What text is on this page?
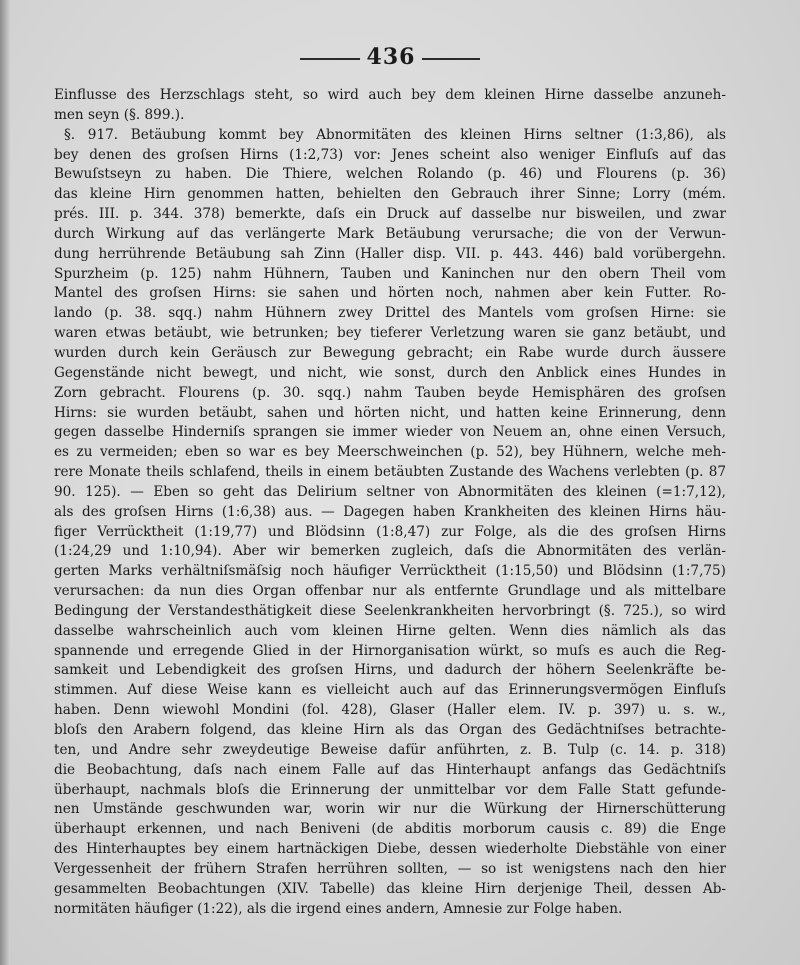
436
Einflusse des Herzschlags steht, so wird auch bey dem kleinen Hirne dasselbe anzuneh-
men seyn (§. 899.).
§. 917. Betäubung kommt bey Abnormitäten des kleinen Hirns seltner (1:3,86), als
bey denen des groſsen Hirns (1:2,73) vor: Jenes scheint also weniger Einfluſs auf das
Bewuſstseyn zu haben. Die Thiere, welchen Rolando (p. 46) und Flourens (p. 36)
das kleine Hirn genommen hatten, behielten den Gebrauch ihrer Sinne; Lorry (mém.
prés. III. p. 344. 378) bemerkte, daſs ein Druck auf dasselbe nur bisweilen, und zwar
durch Wirkung auf das verlängerte Mark Betäubung verursache; die von der Verwun-
dung herrührende Betäubung sah Zinn (Haller disp. VII. p. 443. 446) bald vorübergehn.
Spurzheim (p. 125) nahm Hühnern, Tauben und Kaninchen nur den obern Theil vom
Mantel des groſsen Hirns: sie sahen und hörten noch, nahmen aber kein Futter. Ro-
lando (p. 38. sqq.) nahm Hühnern zwey Drittel des Mantels vom groſsen Hirne: sie
waren etwas betäubt, wie betrunken; bey tieferer Verletzung waren sie ganz betäubt, und
wurden durch kein Geräusch zur Bewegung gebracht; ein Rabe wurde durch äussere
Gegenstände nicht bewegt, und nicht, wie sonst, durch den Anblick eines Hundes in
Zorn gebracht. Flourens (p. 30. sqq.) nahm Tauben beyde Hemisphären des groſsen
Hirns: sie wurden betäubt, sahen und hörten nicht, und hatten keine Erinnerung, denn
gegen dasselbe Hinderniſs sprangen sie immer wieder von Neuem an, ohne einen Versuch,
es zu vermeiden; eben so war es bey Meerschweinchen (p. 52), bey Hühnern, welche meh-
rere Monate theils schlafend, theils in einem betäubten Zustande des Wachens verlebten (p. 87
90. 125). — Eben so geht das Delirium seltner von Abnormitäten des kleinen (=1:7,12),
als des groſsen Hirns (1:6,38) aus. — Dagegen haben Krankheiten des kleinen Hirns häu-
figer Verrücktheit (1:19,77) und Blödsinn (1:8,47) zur Folge, als die des groſsen Hirns
(1:24,29 und 1:10,94). Aber wir bemerken zugleich, daſs die Abnormitäten des verlän-
gerten Marks verhältniſsmäſsig noch häufiger Verrücktheit (1:15,50) und Blödsinn (1:7,75)
verursachen: da nun dies Organ offenbar nur als entfernte Grundlage und als mittelbare
Bedingung der Verstandesthätigkeit diese Seelenkrankheiten hervorbringt (§. 725.), so wird
dasselbe wahrscheinlich auch vom kleinen Hirne gelten. Wenn dies nämlich als das
spannende und erregende Glied in der Hirnorganisation würkt, so muſs es auch die Reg-
samkeit und Lebendigkeit des groſsen Hirns, und dadurch der höhern Seelenkräfte be-
stimmen. Auf diese Weise kann es vielleicht auch auf das Erinnerungsvermögen Einfluſs
haben. Denn wiewohl Mondini (fol. 428), Glaser (Haller elem. IV. p. 397) u. s. w.,
bloſs den Arabern folgend, das kleine Hirn als das Organ des Gedächtniſses betrachte-
ten, und Andre sehr zweydeutige Beweise dafür anführten, z. B. Tulp (c. 14. p. 318)
die Beobachtung, daſs nach einem Falle auf das Hinterhaupt anfangs das Gedächtniſs
überhaupt, nachmals bloſs die Erinnerung der unmittelbar vor dem Falle Statt gefunde-
nen Umstände geschwunden war, worin wir nur die Würkung der Hirnerschütterung
überhaupt erkennen, und nach Beniveni (de abditis morborum causis c. 89) die Enge
des Hinterhauptes bey einem hartnäckigen Diebe, dessen wiederholte Diebstähle von einer
Vergessenheit der frühern Strafen herrühren sollten, — so ist wenigstens nach den hier
gesammelten Beobachtungen (XIV. Tabelle) das kleine Hirn derjenige Theil, dessen Ab-
normitäten häufiger (1:22), als die irgend eines andern, Amnesie zur Folge haben.
